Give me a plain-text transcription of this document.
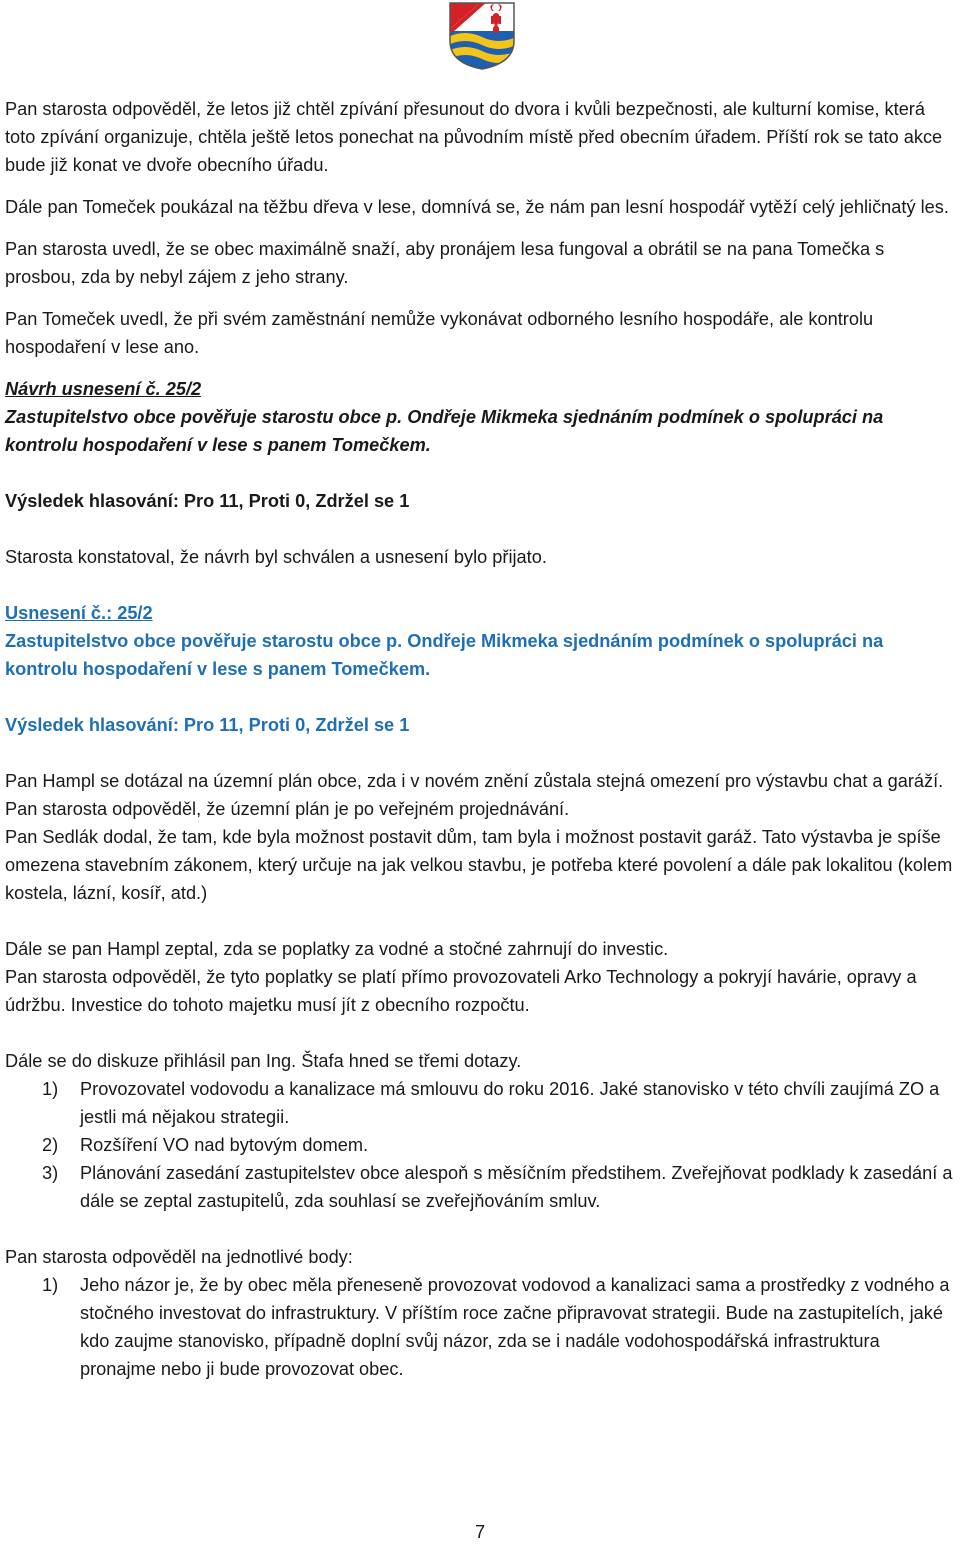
Pan starosta odpověděl, že letos již chtěl zpívání přesunout do dvora i kvůli bezpečnosti, ale kulturní komise, která toto zpívání organizuje, chtěla ještě letos ponechat na původním místě před obecním úřadem. Příští rok se tato akce bude již konat ve dvoře obecního úřadu.

Dále pan Tomeček poukázal na těžbu dřeva v lese, domnívá se, že nám pan lesní hospodář vytěží celý jehličnatý les.

Pan starosta uvedl, že se obec maximálně snaží, aby pronájem lesa fungoval a obrátil se na pana Tomečka s prosbou, zda by nebyl zájem z jeho strany.

Pan Tomeček uvedl, že při svém zaměstnání nemůže vykonávat odborného lesního hospodáře, ale kontrolu hospodaření v lese ano.

Návrh usnesení č. 25/2

Zastupitelstvo obce pověřuje starostu obce p. Ondřeje Mikmeka sjednáním podmínek o spolupráci na kontrolu hospodaření v lese s panem Tomečkem.

Výsledek hlasování: Pro 11, Proti 0, Zdržel se 1

Starosta konstatoval, že návrh byl schválen a usnesení bylo přijato.

Usnesení č.: 25/2

Zastupitelstvo obce pověřuje starostu obce p. Ondřeje Mikmeka sjednáním podmínek o spolupráci na kontrolu hospodaření v lese s panem Tomečkem.

Výsledek hlasování: Pro 11, Proti 0, Zdržel se 1

Pan Hampl se dotázal na územní plán obce, zda i v novém znění zůstala stejná omezení pro výstavbu chat a garáží.

Pan starosta odpověděl, že územní plán je po veřejném projednávání.

Pan Sedlák dodal, že tam, kde byla možnost postavit dům, tam byla i možnost postavit garáž. Tato výstavba je spíše omezena stavebním zákonem, který určuje na jak velkou stavbu, je potřeba které povolení a dále pak lokalitou (kolem kostela, lázní, kosíř, atd.)

Dále se pan Hampl zeptal, zda se poplatky za vodné a stočné zahrnují do investic.

Pan starosta odpověděl, že tyto poplatky se platí přímo provozovateli Arko Technology a pokryjí havárie, opravy a údržbu. Investice do tohoto majetku musí jít z obecního rozpočtu.

Dále se do diskuze přihlásil pan Ing. Štafa hned se třemi dotazy.

1) Provozovatel vodovodu a kanalizace má smlouvu do roku 2016. Jaké stanovisko v této chvíli zaujímá ZO a jestli má nějakou strategii.
2) Rozšíření VO nad bytovým domem.
3) Plánování zasedání zastupitelstev obce alespoň s měsíčním předstihem. Zveřejňovat podklady k zasedání a dále se zeptal zastupitelů, zda souhlasí se zveřejňováním smluv.

Pan starosta odpověděl na jednotlivé body:

1) Jeho názor je, že by obec měla přeneseně provozovat vodovod a kanalizaci sama a prostředky z vodného a stočného investovat do infrastruktury. V příštím roce začne připravovat strategii. Bude na zastupitelích, jaké kdo zaujme stanovisko, případně doplní svůj názor, zda se i nadále vodohospodářská infrastruktura pronajme nebo ji bude provozovat obec.
7
